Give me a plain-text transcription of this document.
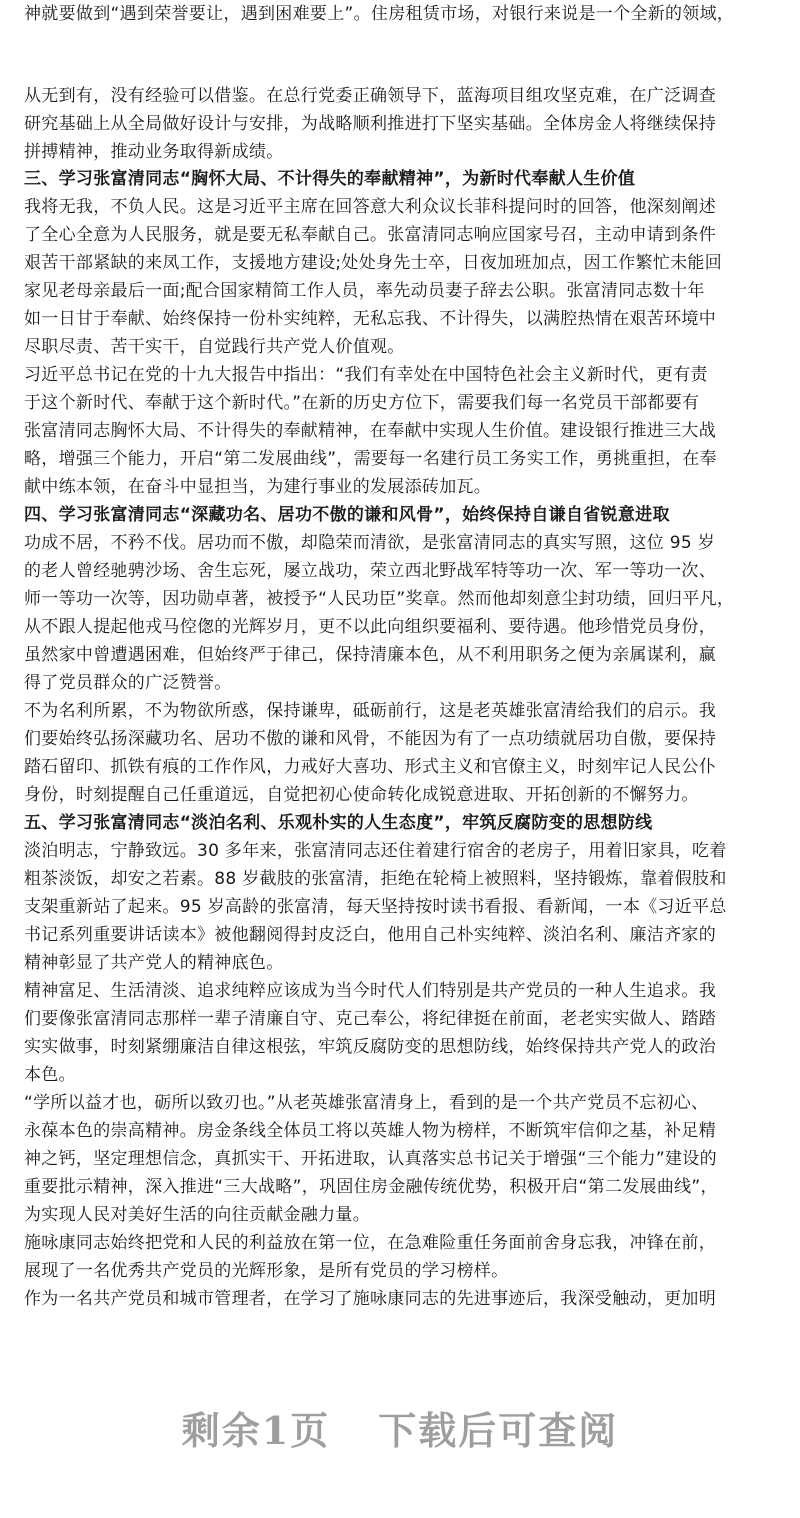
神就要做到“遇到荣誉要让，遇到困难要上”。住房租赁市场，对银行来说是一个全新的领域，
从无到有，没有经验可以借鉴。在总行党委正确领导下，蓝海项目组攻坚克难，在广泛调查
研究基础上从全局做好设计与安排，为战略顺利推进打下坚实基础。全体房金人将继续保持
拼搏精神，推动业务取得新成绩。
三、学习张富清同志“胸怀大局、不计得失的奉献精神”，为新时代奉献人生价值
我将无我，不负人民。这是习近平主席在回答意大利众议长菲科提问时的回答，他深刻阐述
了全心全意为人民服务，就是要无私奉献自己。张富清同志响应国家号召，主动申请到条件
艰苦干部紧缺的来凤工作，支援地方建设;处处身先士卒，日夜加班加点，因工作繁忙未能回
家见老母亲最后一面;配合国家精简工作人员，率先动员妻子辞去公职。张富清同志数十年
如一日甘于奉献、始终保持一份朴实纯粹，无私忘我、不计得失，以满腔热情在艰苦环境中
尽职尽责、苦干实干，自觉践行共产党人价值观。
习近平总书记在党的十九大报告中指出：“我们有幸处在中国特色社会主义新时代，更有责
于这个新时代、奉献于这个新时代。”在新的历史方位下，需要我们每一名党员干部都要有
张富清同志胸怀大局、不计得失的奉献精神，在奉献中实现人生价值。建设银行推进三大战
略，增强三个能力，开启“第二发展曲线”，需要每一名建行员工务实工作，勇挑重担，在奉
献中练本领，在奋斗中显担当，为建行事业的发展添砖加瓦。
四、学习张富清同志“深藏功名、居功不傲的谦和风骨”，始终保持自谦自省锐意进取
功成不居，不矜不伐。居功而不傲，却隐荣而清欲，是张富清同志的真实写照，这位 95 岁
的老人曾经驰骋沙场、舍生忘死，屡立战功，荣立西北野战军特等功一次、军一等功一次、
师一等功一次等，因功勋卓著，被授予“人民功臣”奖章。然而他却刻意尘封功绩，回归平凡，
从不跟人提起他戎马倥偬的光辉岁月，更不以此向组织要福利、要待遇。他珍惜党员身份，
虽然家中曾遭遇困难，但始终严于律己，保持清廉本色，从不利用职务之便为亲属谋利，赢
得了党员群众的广泛赞誉。
不为名利所累，不为物欲所惑，保持谦卑，砥砺前行，这是老英雄张富清给我们的启示。我
们要始终弘扬深藏功名、居功不傲的谦和风骨，不能因为有了一点功绩就居功自傲，要保持
踏石留印、抓铁有痕的工作作风，力戒好大喜功、形式主义和官僚主义，时刻牢记人民公仆
身份，时刻提醒自己任重道远，自觉把初心使命转化成锐意进取、开拓创新的不懈努力。
五、学习张富清同志“淡泊名利、乐观朴实的人生态度”，牢筑反腐防变的思想防线
淡泊明志，宁静致远。30 多年来，张富清同志还住着建行宿舍的老房子，用着旧家具，吃着
粗茶淡饭，却安之若素。88 岁截肢的张富清，拒绝在轮椅上被照料，坚持锻炼，靠着假肢和
支架重新站了起来。95 岁高龄的张富清，每天坚持按时读书看报、看新闻，一本《习近平总
书记系列重要讲话读本》被他翻阅得封皮泛白，他用自己朴实纯粹、淡泊名利、廉洁齐家的
精神彰显了共产党人的精神底色。
精神富足、生活清淡、追求纯粹应该成为当今时代人们特别是共产党员的一种人生追求。我
们要像张富清同志那样一辈子清廉自守、克己奉公，将纪律挺在前面，老老实实做人、踏踏
实实做事，时刻紧绷廉洁自律这根弦，牢筑反腐防变的思想防线，始终保持共产党人的政治
本色。
“学所以益才也，砺所以致刃也。”从老英雄张富清身上，看到的是一个共产党员不忘初心、
永葆本色的崇高精神。房金条线全体员工将以英雄人物为榜样，不断筑牢信仰之基，补足精
神之钙，坚定理想信念，真抓实干、开拓进取，认真落实总书记关于增强“三个能力”建设的
重要批示精神，深入推进“三大战略”，巩固住房金融传统优势，积极开启“第二发展曲线”，
为实现人民对美好生活的向往贡献金融力量。
施咏康同志始终把党和人民的利益放在第一位，在急难险重任务面前舍身忘我，冲锋在前，
展现了一名优秀共产党员的光辉形象，是所有党员的学习榜样。
作为一名共产党员和城市管理者，在学习了施咏康同志的先进事迹后，我深受触动，更加明
剩余1页 下载后可查阅
